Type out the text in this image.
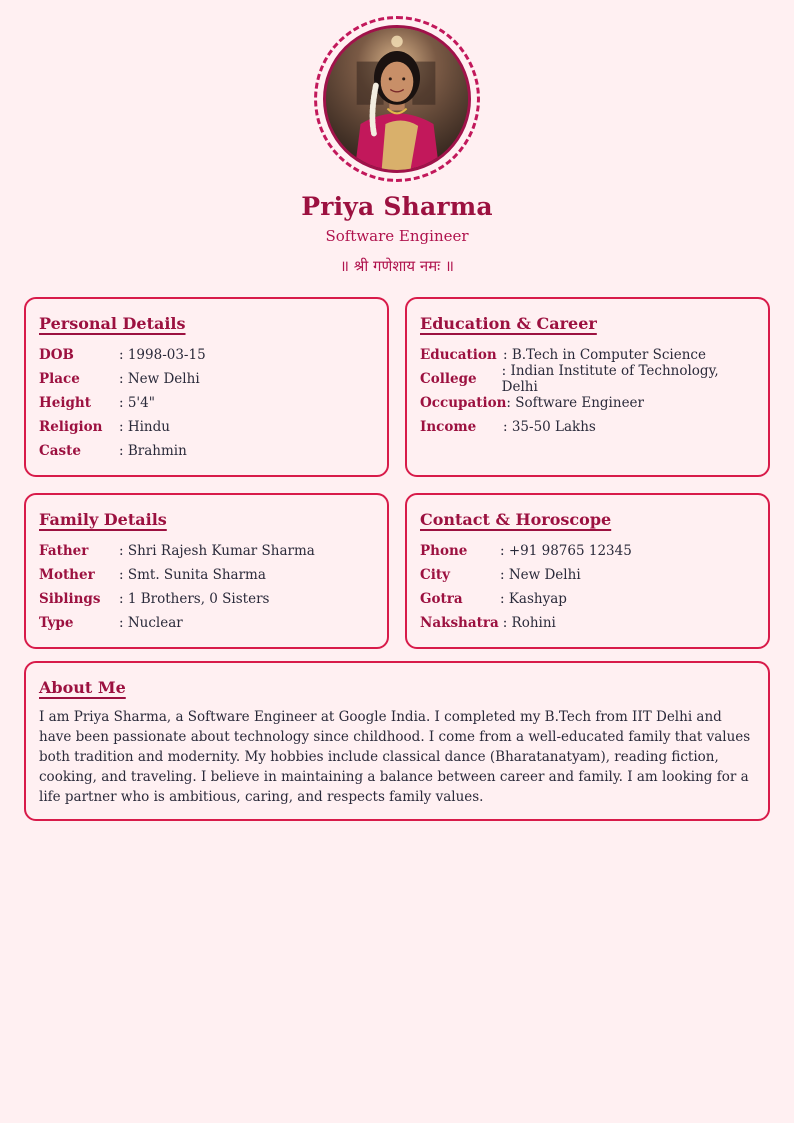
Priya Sharma
Software Engineer
॥ श्री गणेशाय नमः ॥
Personal Details
DOB	: 1998-03-15
Place	: New Delhi
Height	: 5'4"
Religion	: Hindu
Caste	: Brahmin
Education & Career
Education : B.Tech in Computer Science
College	: Indian Institute of Technology, Delhi
Occupation : Software Engineer
Income	: 35-50 Lakhs
Family Details
Father	: Shri Rajesh Kumar Sharma
Mother	: Smt. Sunita Sharma
Siblings	: 1 Brothers, 0 Sisters
Type	: Nuclear
Contact & Horoscope
Phone	: +91 98765 12345
City	: New Delhi
Gotra	: Kashyap
Nakshatra : Rohini
About Me

I am Priya Sharma, a Software Engineer at Google India. I completed my B.Tech from IIT Delhi and have been passionate about technology since childhood. I come from a well-educated family that values both tradition and modernity. My hobbies include classical dance (Bharatanatyam), reading fiction, cooking, and traveling. I believe in maintaining a balance between career and family. I am looking for a life partner who is ambitious, caring, and respects family values.
